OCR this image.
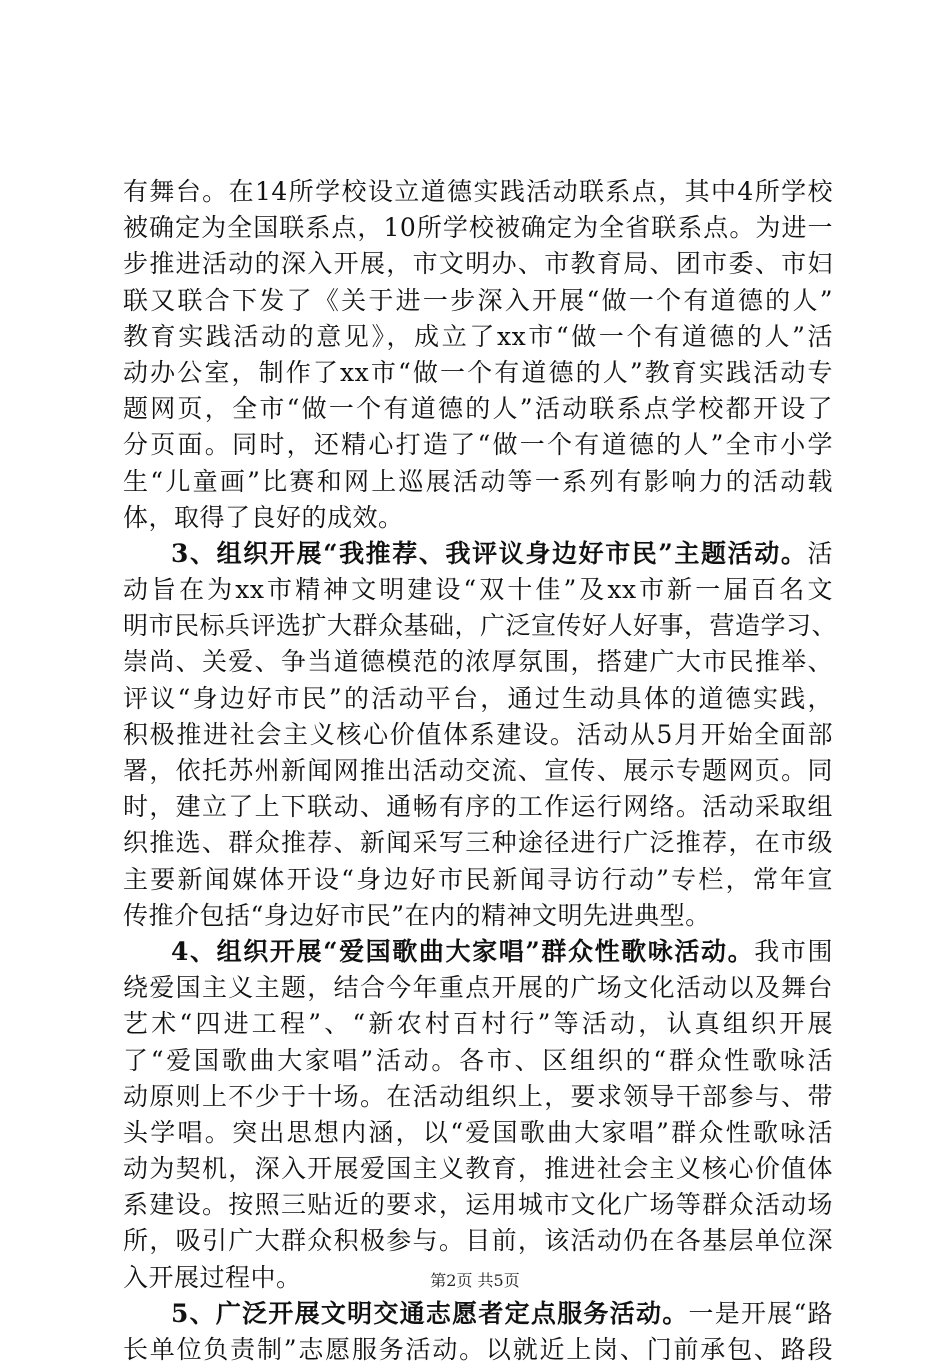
有舞台。在14所学校设立道德实践活动联系点，其中4所学校
被确定为全国联系点，10所学校被确定为全省联系点。为进一
步推进活动的深入开展，市文明办、市教育局、团市委、市妇
联又联合下发了《关于进一步深入开展“做一个有道德的人”
教育实践活动的意见》，成立了xx市“做一个有道德的人”活
动办公室，制作了xx市“做一个有道德的人”教育实践活动专
题网页，全市“做一个有道德的人”活动联系点学校都开设了
分页面。同时，还精心打造了“做一个有道德的人”全市小学
生“儿童画”比赛和网上巡展活动等一系列有影响力的活动载
体，取得了良好的成效。
3、组织开展“我推荐、我评议身边好市民”主题活动。活
动旨在为xx市精神文明建设“双十佳”及xx市新一届百名文
明市民标兵评选扩大群众基础，广泛宣传好人好事，营造学习、
崇尚、关爱、争当道德模范的浓厚氛围，搭建广大市民推举、
评议“身边好市民”的活动平台，通过生动具体的道德实践，
积极推进社会主义核心价值体系建设。活动从5月开始全面部
署，依托苏州新闻网推出活动交流、宣传、展示专题网页。同
时，建立了上下联动、通畅有序的工作运行网络。活动采取组
织推选、群众推荐、新闻采写三种途径进行广泛推荐，在市级
主要新闻媒体开设“身边好市民新闻寻访行动”专栏，常年宣
传推介包括“身边好市民”在内的精神文明先进典型。
4、组织开展“爱国歌曲大家唱”群众性歌咏活动。我市围
绕爱国主义主题，结合今年重点开展的广场文化活动以及舞台
艺术“四进工程”、“新农村百村行”等活动，认真组织开展
了“爱国歌曲大家唱”活动。各市、区组织的“群众性歌咏活
动原则上不少于十场。在活动组织上，要求领导干部参与、带
头学唱。突出思想内涵，以“爱国歌曲大家唱”群众性歌咏活
动为契机，深入开展爱国主义教育，推进社会主义核心价值体
系建设。按照三贴近的要求，运用城市文化广场等群众活动场
所，吸引广大群众积极参与。目前，该活动仍在各基层单位深
入开展过程中。
5、广泛开展文明交通志愿者定点服务活动。一是开展“路
长单位负责制”志愿服务活动。以就近上岗、门前承包、路段
第2页 共5页
